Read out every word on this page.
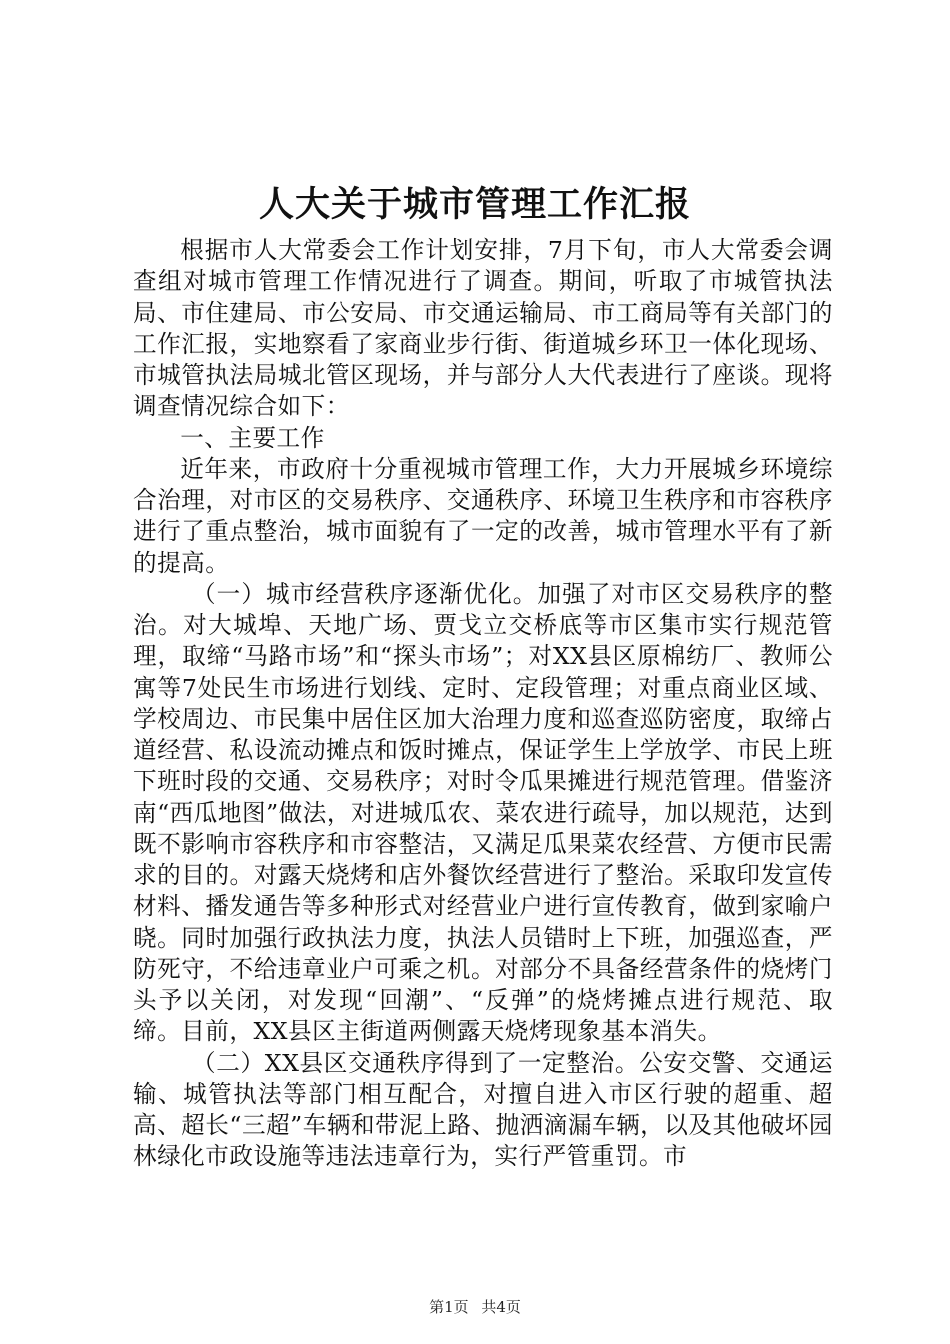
人大关于城市管理工作汇报

根据市人大常委会工作计划安排，7月下旬，市人大常委会调查组对城市管理工作情况进行了调查。期间，听取了市城管执法局、市住建局、市公安局、市交通运输局、市工商局等有关部门的工作汇报，实地察看了家商业步行街、街道城乡环卫一体化现场、市城管执法局城北管区现场，并与部分人大代表进行了座谈。现将调查情况综合如下：

一、主要工作

近年来，市政府十分重视城市管理工作，大力开展城乡环境综合治理，对市区的交易秩序、交通秩序、环境卫生秩序和市容秩序进行了重点整治，城市面貌有了一定的改善，城市管理水平有了新的提高。

（一）城市经营秩序逐渐优化。加强了对市区交易秩序的整治。对大城埠、天地广场、贾戈立交桥底等市区集市实行规范管理，取缔“马路市场”和“探头市场”；对XX县区原棉纺厂、教师公寓等7处民生市场进行划线、定时、定段管理；对重点商业区域、学校周边、市民集中居住区加大治理力度和巡查巡防密度，取缔占道经营、私设流动摊点和饭时摊点，保证学生上学放学、市民上班下班时段的交通、交易秩序；对时令瓜果摊进行规范管理。借鉴济南“西瓜地图”做法，对进城瓜农、菜农进行疏导，加以规范，达到既不影响市容秩序和市容整洁，又满足瓜果菜农经营、方便市民需求的目的。对露天烧烤和店外餐饮经营进行了整治。采取印发宣传材料、播发通告等多种形式对经营业户进行宣传教育，做到家喻户晓。同时加强行政执法力度，执法人员错时上下班，加强巡查，严防死守，不给违章业户可乘之机。对部分不具备经营条件的烧烤门头予以关闭，对发现“回潮”、“反弹”的烧烤摊点进行规范、取缔。目前，XX县区主街道两侧露天烧烤现象基本消失。

（二）XX县区交通秩序得到了一定整治。公安交警、交通运输、城管执法等部门相互配合，对擅自进入市区行驶的超重、超高、超长“三超”车辆和带泥上路、抛洒滴漏车辆，以及其他破坏园林绿化市政设施等违法违章行为，实行严管重罚。市

第1页 共4页
